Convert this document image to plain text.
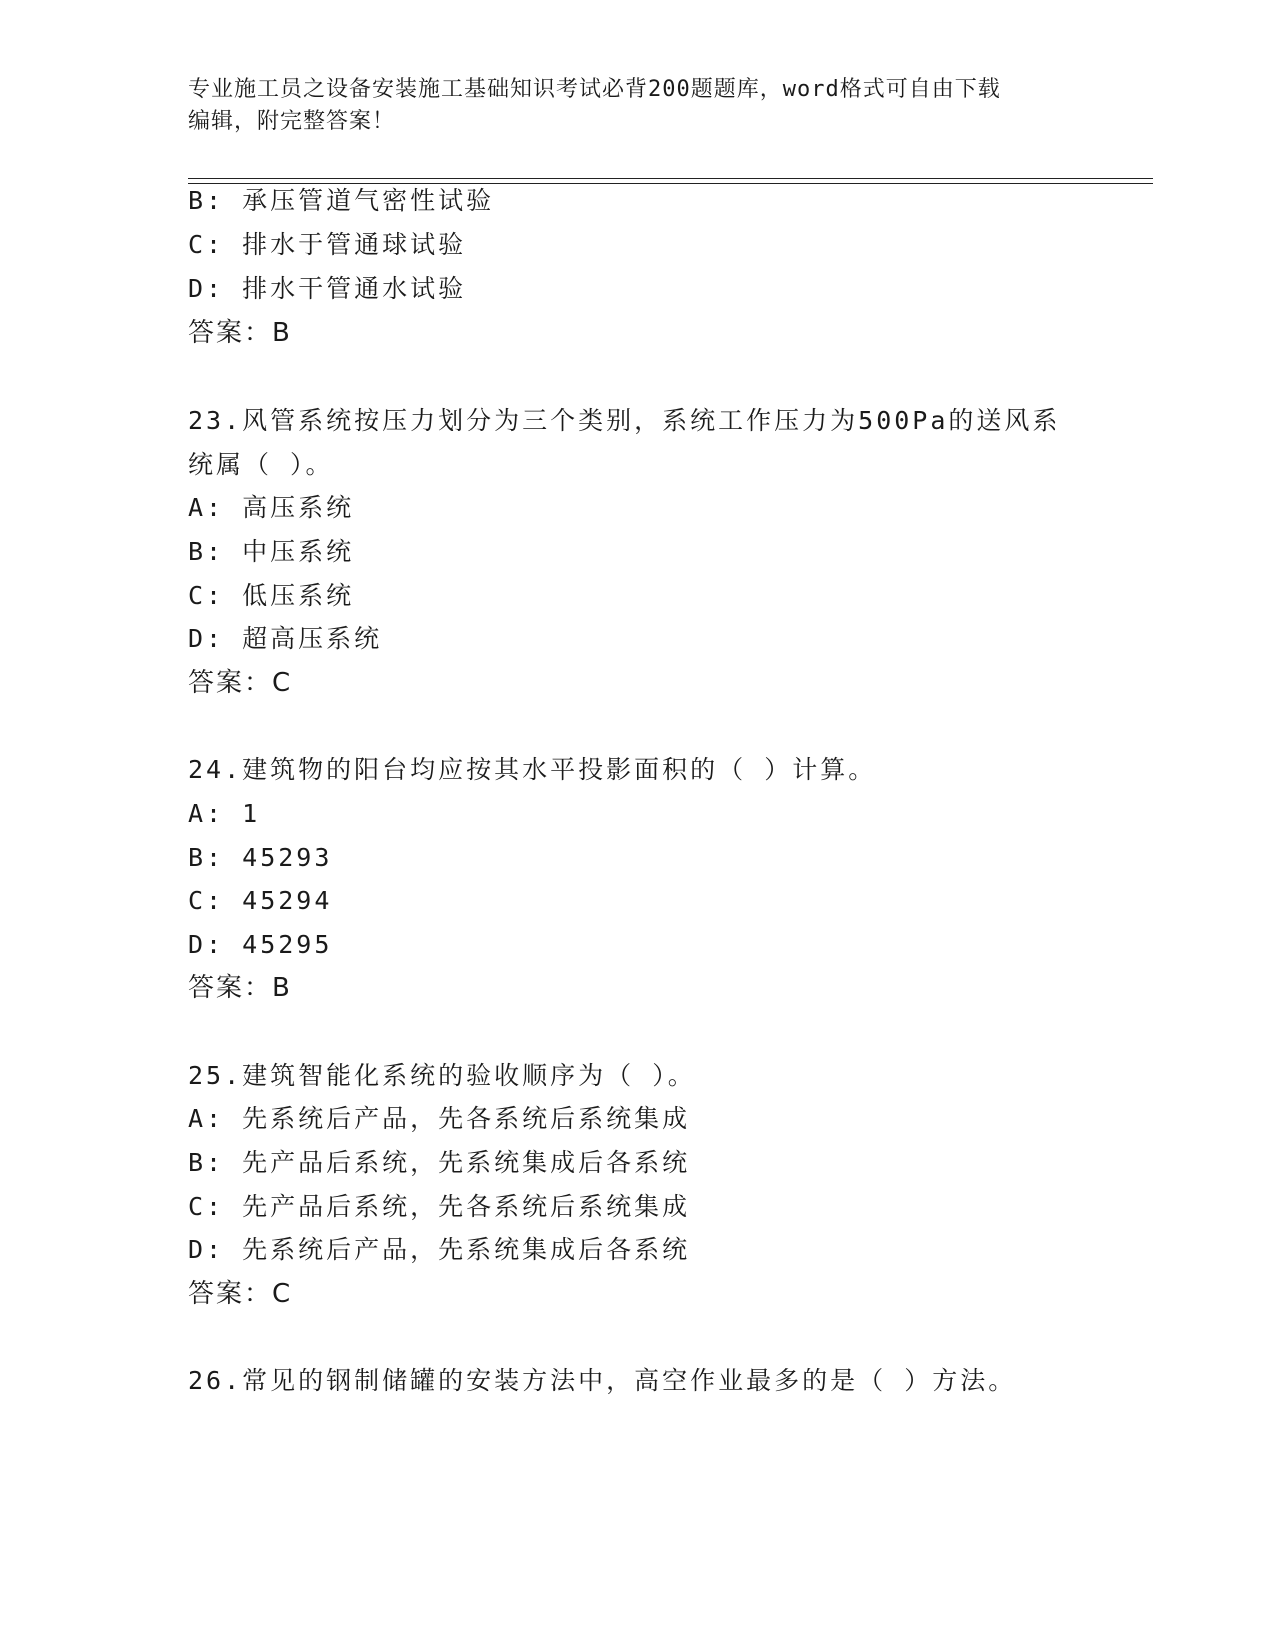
专业施工员之设备安装施工基础知识考试必背200题题库，word格式可自由下载
编辑，附完整答案！
B: 承压管道气密性试验
C: 排水于管通球试验
D: 排水干管通水试验
答案：B
23.风管系统按压力划分为三个类别，系统工作压力为500Pa的送风系
统属（ ）。
A: 高压系统
B: 中压系统
C: 低压系统
D: 超高压系统
答案：C
24.建筑物的阳台均应按其水平投影面积的（ ）计算。
A: 1
B: 45293
C: 45294
D: 45295
答案：B
25.建筑智能化系统的验收顺序为（ ）。
A: 先系统后产品，先各系统后系统集成
B: 先产品后系统，先系统集成后各系统
C: 先产品后系统，先各系统后系统集成
D: 先系统后产品，先系统集成后各系统
答案：C
26.常见的钢制储罐的安装方法中，高空作业最多的是（ ）方法。
